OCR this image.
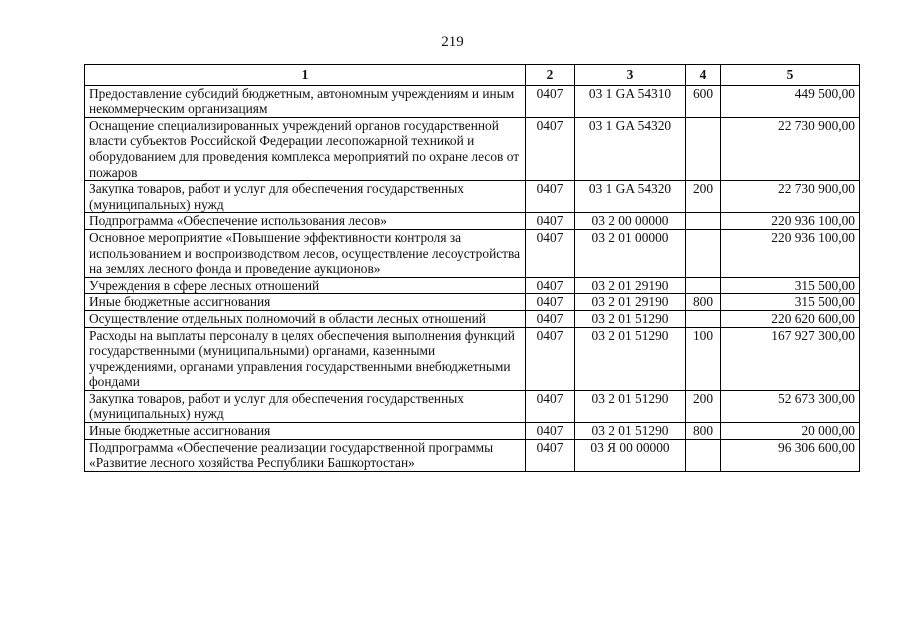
219
1	2	3	4	5
Предоставление субсидий бюджетным, автономным учреждениям и иным некоммерческим организациям	0407	03 1 GA 54310	600	449 500,00
Оснащение специализированных учреждений органов государственной власти субъектов Российской Федерации лесопожарной техникой и оборудованием для проведения комплекса мероприятий по охране лесов от пожаров	0407	03 1 GA 54320		22 730 900,00
Закупка товаров, работ и услуг для обеспечения государственных (муниципальных) нужд	0407	03 1 GA 54320	200	22 730 900,00
Подпрограмма «Обеспечение использования лесов»	0407	03 2 00 00000		220 936 100,00
Основное мероприятие «Повышение эффективности контроля за использованием и воспроизводством лесов, осуществление лесоустройства на землях лесного фонда и проведение аукционов»	0407	03 2 01 00000		220 936 100,00
Учреждения в сфере лесных отношений	0407	03 2 01 29190		315 500,00
Иные бюджетные ассигнования	0407	03 2 01 29190	800	315 500,00
Осуществление отдельных полномочий в области лесных отношений	0407	03 2 01 51290		220 620 600,00
Расходы на выплаты персоналу в целях обеспечения выполнения функций государственными (муниципальными) органами, казенными учреждениями, органами управления государственными внебюджетными фондами	0407	03 2 01 51290	100	167 927 300,00
Закупка товаров, работ и услуг для обеспечения государственных (муниципальных) нужд	0407	03 2 01 51290	200	52 673 300,00
Иные бюджетные ассигнования	0407	03 2 01 51290	800	20 000,00
Подпрограмма «Обеспечение реализации государственной программы «Развитие лесного хозяйства Республики Башкортостан»	0407	03 Я 00 00000		96 306 600,00
